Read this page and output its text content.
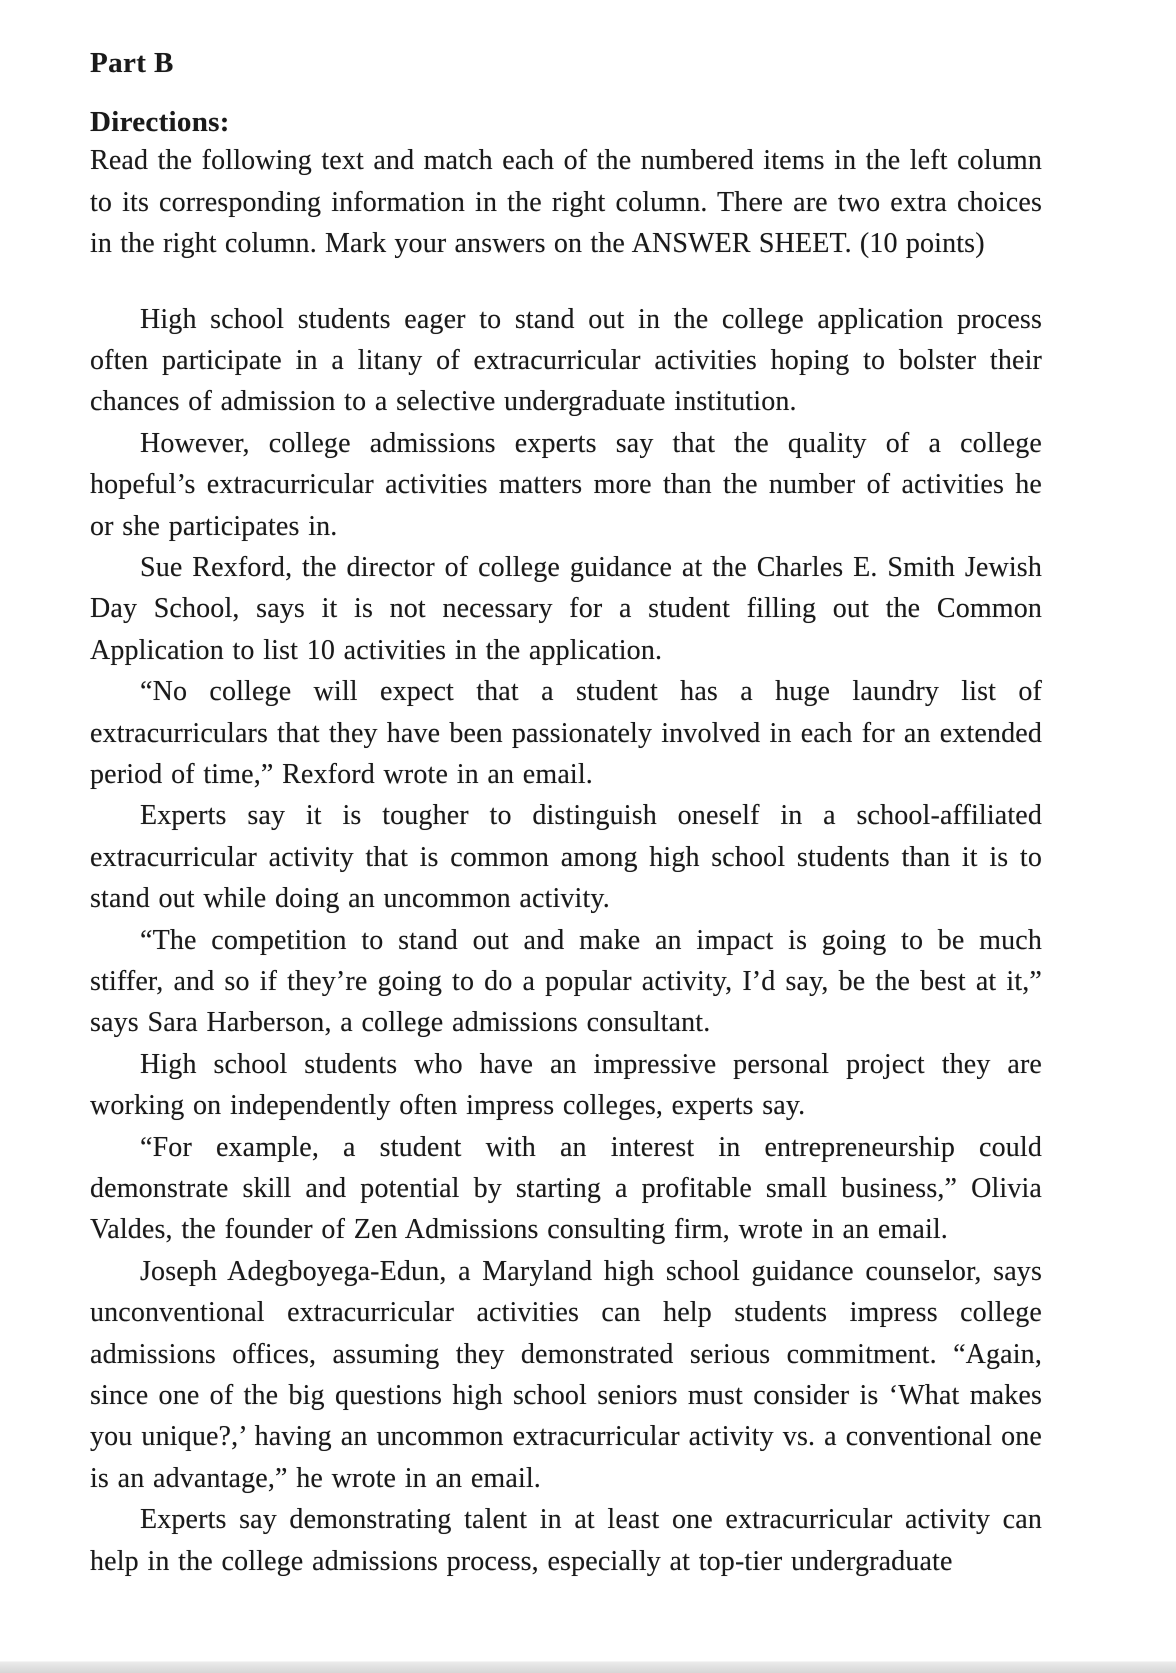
Part B
Directions:

Read the following text and match each of the numbered items in the left column to its corresponding information in the right column. There are two extra choices in the right column. Mark your answers on the ANSWER SHEET. (10 points)

High school students eager to stand out in the college application process often participate in a litany of extracurricular activities hoping to bolster their chances of admission to a selective undergraduate institution.

However, college admissions experts say that the quality of a college hopeful’s extracurricular activities matters more than the number of activities he or she participates in.

Sue Rexford, the director of college guidance at the Charles E. Smith Jewish Day School, says it is not necessary for a student filling out the Common Application to list 10 activities in the application.

“No college will expect that a student has a huge laundry list of extracurriculars that they have been passionately involved in each for an extended period of time,” Rexford wrote in an email.

Experts say it is tougher to distinguish oneself in a school-affiliated extracurricular activity that is common among high school students than it is to stand out while doing an uncommon activity.

“The competition to stand out and make an impact is going to be much stiffer, and so if they’re going to do a popular activity, I’d say, be the best at it,” says Sara Harberson, a college admissions consultant.

High school students who have an impressive personal project they are working on independently often impress colleges, experts say.

“For example, a student with an interest in entrepreneurship could demonstrate skill and potential by starting a profitable small business,” Olivia Valdes, the founder of Zen Admissions consulting firm, wrote in an email.

Joseph Adegboyega-Edun, a Maryland high school guidance counselor, says unconventional extracurricular activities can help students impress college admissions offices, assuming they demonstrated serious commitment. “Again, since one of the big questions high school seniors must consider is ‘What makes you unique?,’ having an uncommon extracurricular activity vs. a conventional one is an advantage,” he wrote in an email.

Experts say demonstrating talent in at least one extracurricular activity can help in the college admissions process, especially at top-tier undergraduate
